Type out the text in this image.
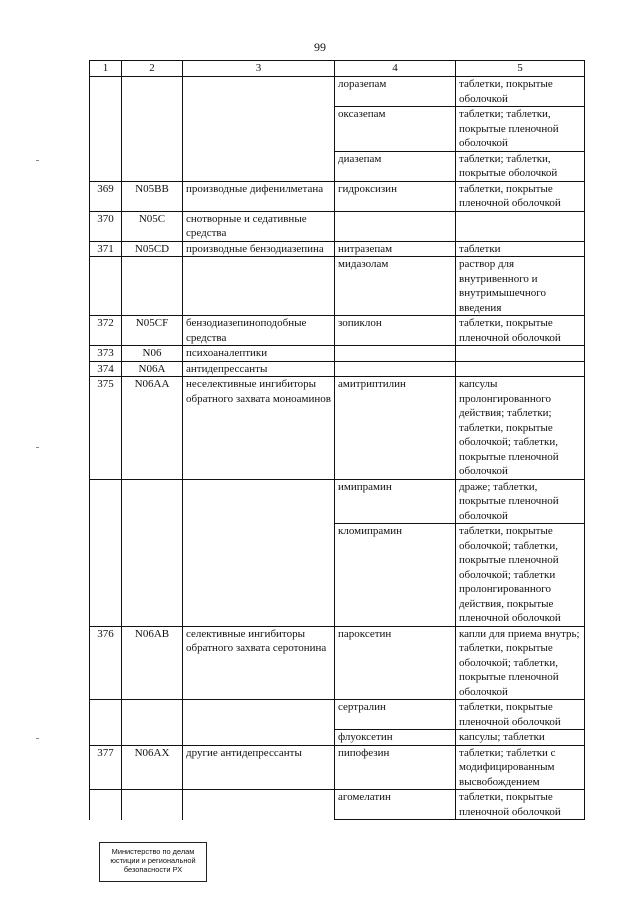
99
1	2	3	4	5
			лоразепам	таблетки, покрытые оболочкой
			оксазепам	таблетки; таблетки, покрытые пленочной оболочкой
			диазепам	таблетки; таблетки, покрытые оболочкой
369	N05BB	производные дифенилметана	гидроксизин	таблетки, покрытые пленочной оболочкой
370	N05C	снотворные и седативные средства		
371	N05CD	производные бензодиазепина	нитразепам	таблетки
			мидазолам	раствор для внутривенного и внутримышечного введения
372	N05CF	бензодиазепиноподобные средства	зопиклон	таблетки, покрытые пленочной оболочкой
373	N06	психоаналептики		
374	N06A	антидепрессанты		
375	N06AA	неселективные ингибиторы обратного захвата моноаминов	амитриптилин	капсулы пролонгированного действия; таблетки; таблетки, покрытые оболочкой; таблетки, покрытые пленочной оболочкой
			имипрамин	драже; таблетки, покрытые пленочной оболочкой
			кломипрамин	таблетки, покрытые оболочкой; таблетки, покрытые пленочной оболочкой; таблетки пролонгированного действия, покрытые пленочной оболочкой
376	N06AB	селективные ингибиторы обратного захвата серотонина	пароксетин	капли для приема внутрь; таблетки, покрытые оболочкой; таблетки, покрытые пленочной оболочкой
			сертралин	таблетки, покрытые пленочной оболочкой
			флуоксетин	капсулы; таблетки
377	N06AX	другие антидепрессанты	пипофезин	таблетки; таблетки с модифицированным высвобождением
			агомелатин	таблетки, покрытые пленочной оболочкой
Министерство по делам
юстиции и региональной
безопасности РХ
